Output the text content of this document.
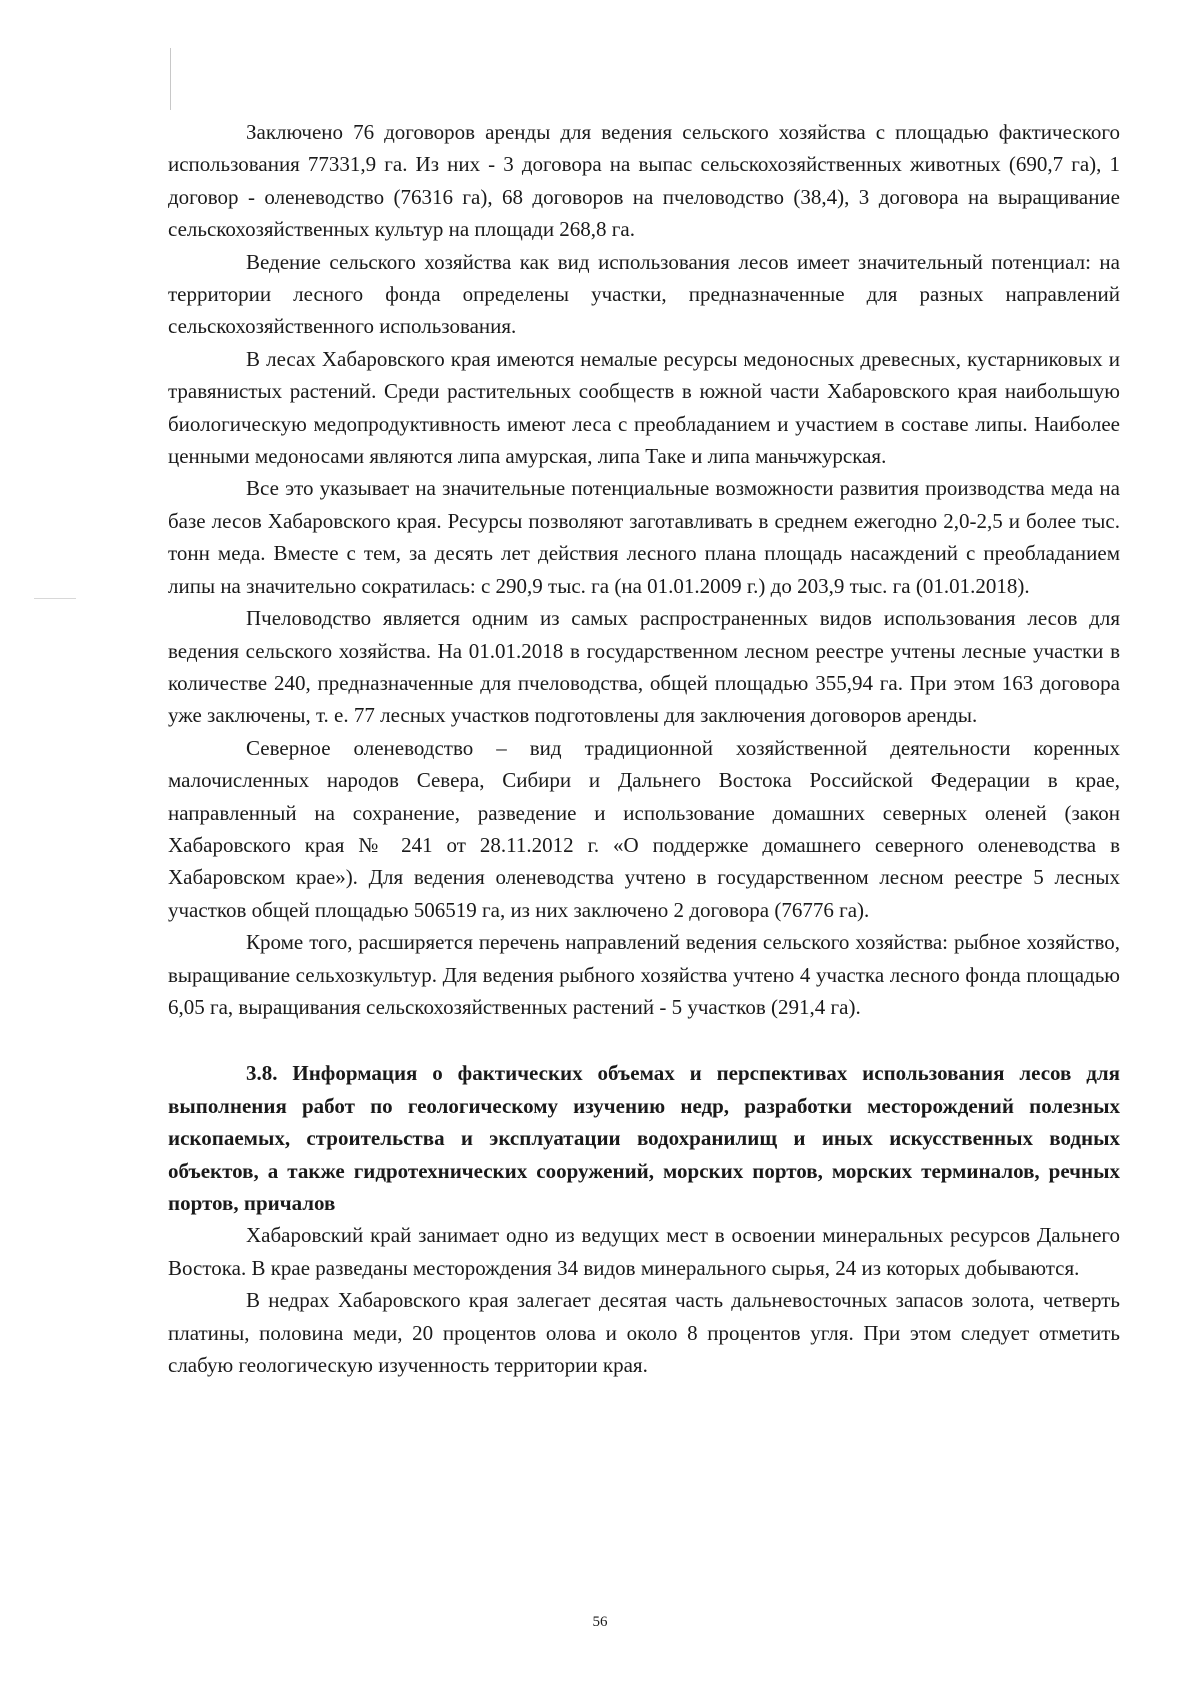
Заключено 76 договоров аренды для ведения сельского хозяйства с площадью фактического использования 77331,9 га. Из них - 3 договора на выпас сельскохозяйственных животных (690,7 га), 1 договор - оленеводство (76316 га), 68 договоров на пчеловодство (38,4), 3 договора на выращивание сельскохозяйственных культур на площади 268,8 га.

Ведение сельского хозяйства как вид использования лесов имеет значительный потенциал: на территории лесного фонда определены участки, предназначенные для разных направлений сельскохозяйственного использования.

В лесах Хабаровского края имеются немалые ресурсы медоносных древесных, кустарниковых и травянистых растений. Среди растительных сообществ в южной части Хабаровского края наибольшую биологическую медопродуктивность имеют леса с преобладанием и участием в составе липы. Наиболее ценными медоносами являются липа амурская, липа Таке и липа маньчжурская.

Все это указывает на значительные потенциальные возможности развития производства меда на базе лесов Хабаровского края. Ресурсы позволяют заготавливать в среднем ежегодно 2,0-2,5 и более тыс. тонн меда. Вместе с тем, за десять лет действия лесного плана площадь насаждений с преобладанием липы на значительно сократилась: с 290,9 тыс. га (на 01.01.2009 г.) до 203,9 тыс. га (01.01.2018).

Пчеловодство является одним из самых распространенных видов использования лесов для ведения сельского хозяйства. На 01.01.2018 в государственном лесном реестре учтены лесные участки в количестве 240, предназначенные для пчеловодства, общей площадью 355,94 га. При этом 163 договора уже заключены, т. е. 77 лесных участков подготовлены для заключения договоров аренды.

Северное оленеводство – вид традиционной хозяйственной деятельности коренных малочисленных народов Севера, Сибири и Дальнего Востока Российской Федерации в крае, направленный на сохранение, разведение и использование домашних северных оленей (закон Хабаровского края № 241 от 28.11.2012 г. «О поддержке домашнего северного оленеводства в Хабаровском крае»). Для ведения оленеводства учтено в государственном лесном реестре 5 лесных участков общей площадью 506519 га, из них заключено 2 договора (76776 га).

Кроме того, расширяется перечень направлений ведения сельского хозяйства: рыбное хозяйство, выращивание сельхозкультур. Для ведения рыбного хозяйства учтено 4 участка лесного фонда площадью 6,05 га, выращивания сельскохозяйственных растений - 5 участков (291,4 га).

3.8. Информация о фактических объемах и перспективах использования лесов для выполнения работ по геологическому изучению недр, разработки месторождений полезных ископаемых, строительства и эксплуатации водохранилищ и иных искусственных водных объектов, а также гидротехнических сооружений, морских портов, морских терминалов, речных портов, причалов

Хабаровский край занимает одно из ведущих мест в освоении минеральных ресурсов Дальнего Востока. В крае разведаны месторождения 34 видов минерального сырья, 24 из которых добываются.

В недрах Хабаровского края залегает десятая часть дальневосточных запасов золота, четверть платины, половина меди, 20 процентов олова и около 8 процентов угля. При этом следует отметить слабую геологическую изученность территории края.

56
